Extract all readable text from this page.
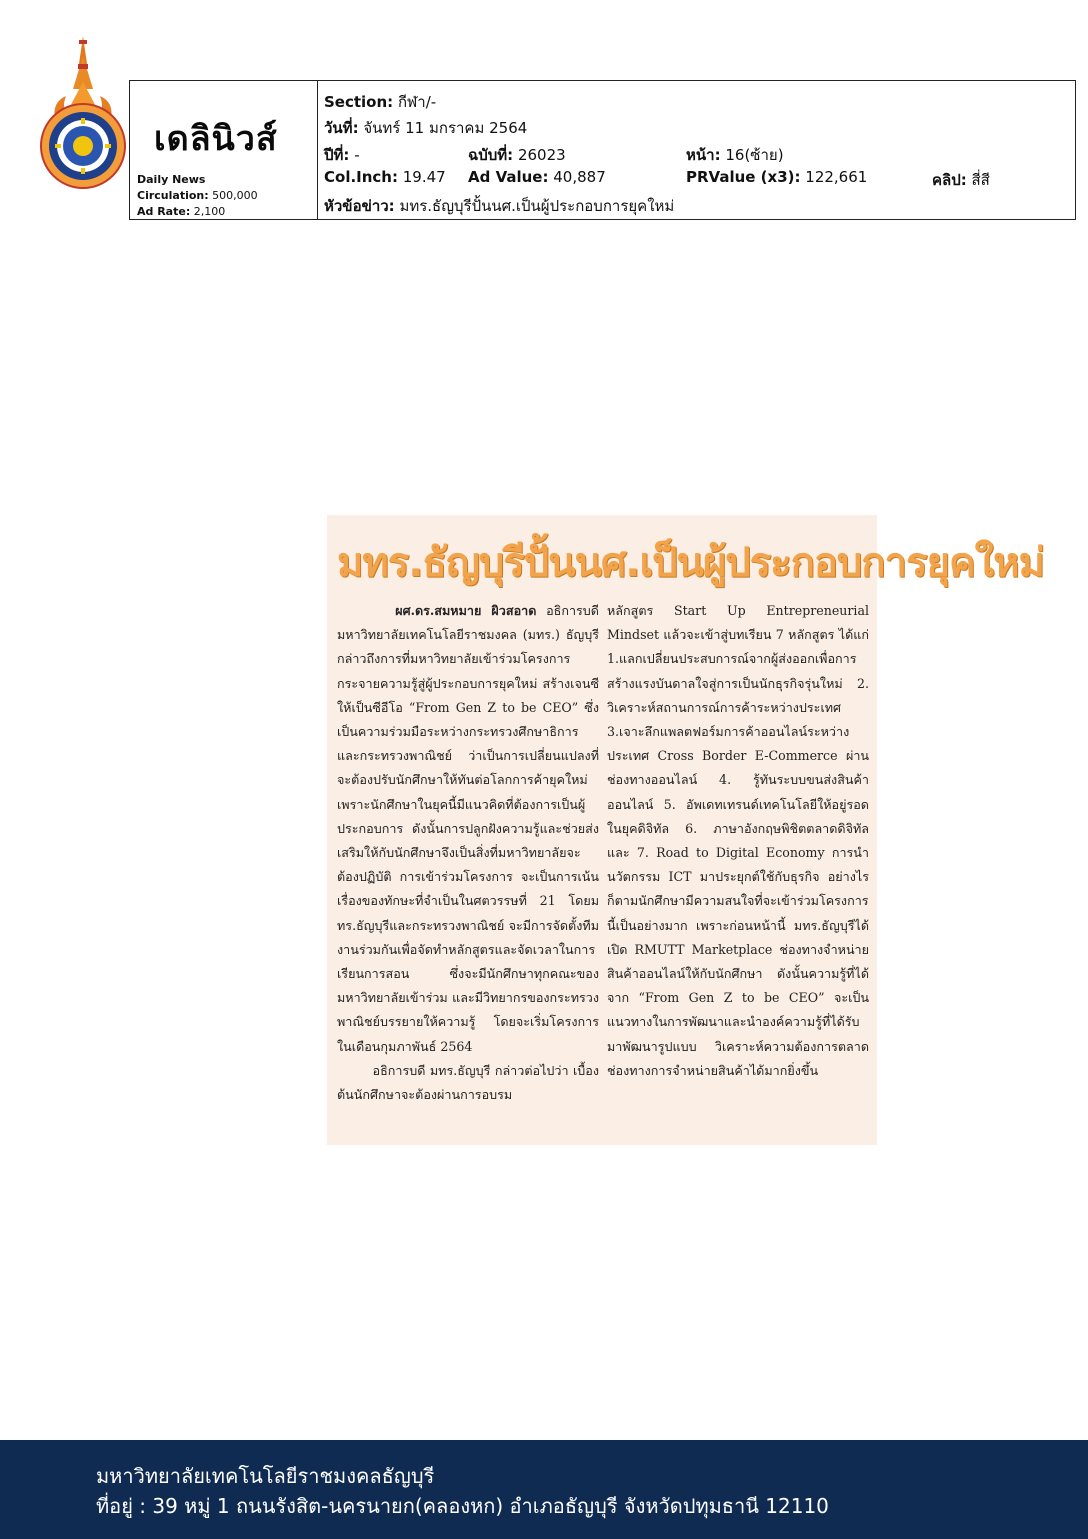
เดลินิวส์
Daily News
Circulation: 500,000
Ad Rate: 2,100
Section: กีฬา/-
วันที่: จันทร์ 11 มกราคม 2564
ปีที่: -	ฉบับที่: 26023	หน้า: 16(ซ้าย)
Col.Inch: 19.47 Ad Value: 40,887	PRValue (x3): 122,661	คลิป: สี่สี
หัวข้อข่าว: มทร.ธัญบุรีปั้นนศ.เป็นผู้ประกอบการยุคใหม่
มทร.ธัญบุรีปั้นนศ.เป็นผู้ประกอบการยุคใหม่

ผศ.ดร.สมหมาย ผิวสอาด อธิการบดีมหาวิทยาลัยเทคโนโลยีราชมงคล (มทร.) ธัญบุรี กล่าวถึงการที่มหาวิทยาลัยเข้าร่วมโครงการกระจายความรู้สู่ผู้ประกอบการยุคใหม่ สร้างเจนซีให้เป็นซีอีโอ “From Gen Z to be CEO” ซึ่งเป็นความร่วมมือระหว่างกระทรวงศึกษาธิการและกระทรวงพาณิชย์ ว่าเป็นการเปลี่ยนแปลงที่จะต้องปรับนักศึกษาให้ทันต่อโลกการค้ายุคใหม่ เพราะนักศึกษาในยุคนี้มีแนวคิดที่ต้องการเป็นผู้ประกอบการ ดังนั้นการปลูกฝังความรู้และช่วยส่งเสริมให้กับนักศึกษาจึงเป็นสิ่งที่มหาวิทยาลัยจะต้องปฏิบัติ การเข้าร่วมโครงการ จะเป็นการเน้นเรื่องของทักษะที่จำเป็นในศตวรรษที่ 21 โดยมทร.ธัญบุรีและกระทรวงพาณิชย์ จะมีการจัดตั้งทีมงานร่วมกันเพื่อจัดทำหลักสูตรและจัดเวลาในการเรียนการสอน ซึ่งจะมีนักศึกษาทุกคณะของมหาวิทยาลัยเข้าร่วม และมีวิทยากรของกระทรวงพาณิชย์บรรยายให้ความรู้ โดยจะเริ่มโครงการในเดือนกุมภาพันธ์ 2564

อธิการบดี มทร.ธัญบุรี กล่าวต่อไปว่า เบื้องต้นนักศึกษาจะต้องผ่านการอบรม

หลักสูตร Start Up Entrepreneurial Mindset แล้วจะเข้าสู่บทเรียน 7 หลักสูตร ได้แก่ 1.แลกเปลี่ยนประสบการณ์จากผู้ส่งออกเพื่อการสร้างแรงบันดาลใจสู่การเป็นนักธุรกิจรุ่นใหม่ 2. วิเคราะห์สถานการณ์การค้าระหว่างประเทศ 3.เจาะลึกแพลตฟอร์มการค้าออนไลน์ระหว่างประเทศ Cross Border E-Commerce ผ่านช่องทางออนไลน์ 4. รู้ทันระบบขนส่งสินค้าออนไลน์ 5. อัพเดทเทรนด์เทคโนโลยีให้อยู่รอดในยุคดิจิทัล 6. ภาษาอังกฤษพิชิตตลาดดิจิทัล และ 7. Road to Digital Economy การนำนวัตกรรม ICT มาประยุกต์ใช้กับธุรกิจ อย่างไรก็ตามนักศึกษามีความสนใจที่จะเข้าร่วมโครงการนี้เป็นอย่างมาก เพราะก่อนหน้านี้ มทร.ธัญบุรีได้เปิด RMUTT Marketplace ช่องทางจำหน่ายสินค้าออนไลน์ให้กับนักศึกษา ดังนั้นความรู้ที่ได้จาก “From Gen Z to be CEO” จะเป็นแนวทางในการพัฒนาและนำองค์ความรู้ที่ได้รับมาพัฒนารูปแบบ วิเคราะห์ความต้องการตลาด ช่องทางการจำหน่ายสินค้าได้มากยิ่งขึ้น

มหาวิทยาลัยเทคโนโลยีราชมงคลธัญบุรี
ที่อยู่ : 39 หมู่ 1 ถนนรังสิต-นครนายก(คลองหก) อำเภอธัญบุรี จังหวัดปทุมธานี 12110
